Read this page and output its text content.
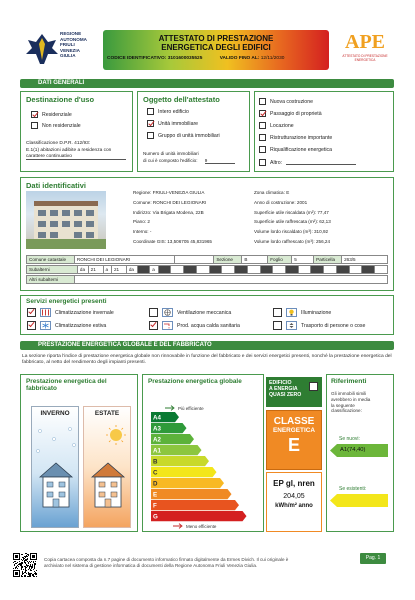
REGIONE
AUTONOMA
FRIULI
VENEZIA
GIULIA
ATTESTATO DI PRESTAZIONE
ENERGETICA DEGLI EDIFICI
CODICE IDENTIFICATIVO: 3101600035525	VALIDO FINO AL: 12/11/2030
APE
ATTESTATO DI PRESTAZIONE ENERGETICA
DATI GENERALI
Destinazione d'uso
Residenziale
Non residenziale
Classificazione D.P.R. 412/93:
E.1(1) abitazioni adibite a residenza con carattere continuativo
Oggetto dell'attestato
Intero edificio
Unità immobiliare
Gruppo di unità immobiliari
Numero di unità immobiliari
di cui è composto l'edificio: 9
Nuova costruzione
Passaggio di proprietà
Locazione
Ristrutturazione importante
Riqualificazione energetica
Altro:
Dati identificativi
Regione: FRIULI-VENEZIA GIULIA
Comune: RONCHI DEI LEGIONARI
Indirizzo: Via Brigata Modena, 22B
Piano: 2
Interno: -
Coordinate GIS: 13,506705 45,831965
Zona climatica: E
Anno di costruzione: 2001
Superficie utile riscaldata (m²): 77,47
Superficie utile raffrescata (m²): 62,13
Volume lordo riscaldato (m³): 310,92
Volume lordo raffrescato (m³): 256,24
Comune catastale	RONCHI DEI LEGIONARI		Sezione	B	Foglio	5	Particella	263/5
Subalterni	da	21	a	21	da		a																		
Altri subalterni	
Servizi energetici presenti
Climatizzazione invernale	Ventilazione meccanica	Illuminazione
Climatizzazione estiva	Prod. acqua calda sanitaria	Trasporto di persone o cose
PRESTAZIONE ENERGETICA GLOBALE E DEL FABBRICATO
La sezione riporta l'indice di prestazione energetica globale non rinnovabile in funzione del fabbricato e dei servizi energetici presenti, nonché la prestazione energetica del fabbricato, al netto del rendimento degli impianti presenti.
Prestazione energetica del
fabbricato
INVERNO	ESTATE
Prestazione energetica globale
Più efficiente
A4
A3
A2
A1
B
C
D
E
F
G
Meno efficiente
EDIFICIO
A ENERGIA
QUASI ZERO
CLASSE
ENERGETICA
E
EP gl, nren
204,05
kWh/m² anno
Riferimenti
Gli immobili simili
avrebbero in media
la seguente
classificazione:
Se nuovi:
A1(74,40)
Se esistenti:
Copia cartacea composta da n.7 pagine di documento informatico firmato digitalmente da Ermes Divich. Il cui originale è
archiviato nel sistema di gestione informatica di documenti della Regione Autonoma Friuli Venezia Giulia.
Pag. 1
